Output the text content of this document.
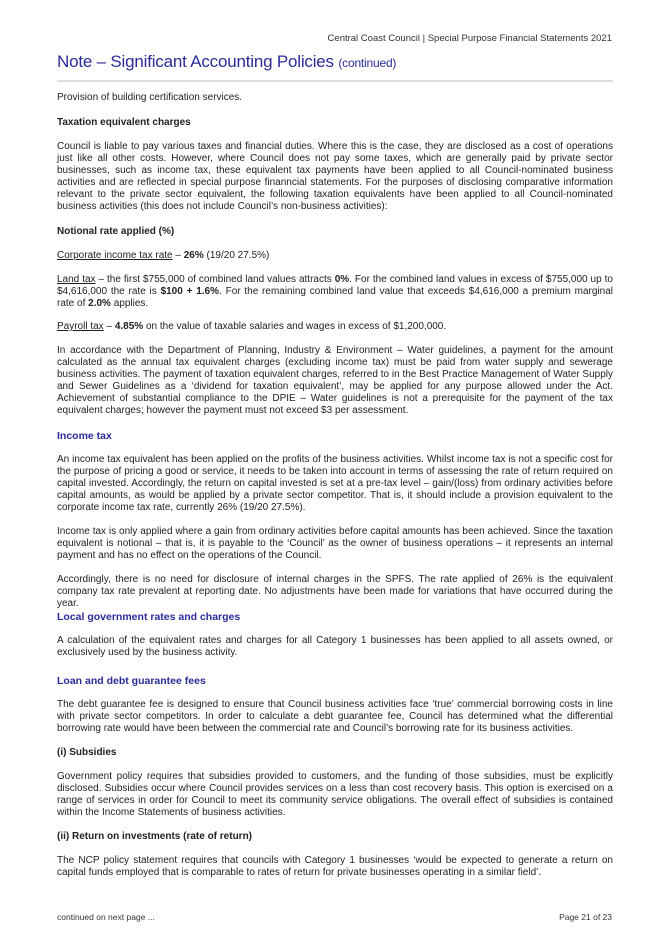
Central Coast Council | Special Purpose Financial Statements 2021
Note – Significant Accounting Policies (continued)
Provision of building certification services.
Taxation equivalent charges
Council is liable to pay various taxes and financial duties. Where this is the case, they are disclosed as a cost of operations just like all other costs. However, where Council does not pay some taxes, which are generally paid by private sector businesses, such as income tax, these equivalent tax payments have been applied to all Council-nominated business activities and are reflected in special purpose finanncial statements. For the purposes of disclosing comparative information relevant to the private sector equivalent, the following taxation equivalents have been applied to all Council-nominated business activities (this does not include Council’s non-business activities):
Notional rate applied (%)
Corporate income tax rate – 26% (19/20 27.5%)
Land tax – the first $755,000 of combined land values attracts 0%. For the combined land values in excess of $755,000 up to $4,616,000 the rate is $100 + 1.6%. For the remaining combined land value that exceeds $4,616,000 a premium marginal rate of 2.0% applies.
Payroll tax – 4.85% on the value of taxable salaries and wages in excess of $1,200,000.
In accordance with the Department of Planning, Industry & Environment – Water guidelines, a payment for the amount calculated as the annual tax equivalent charges (excluding income tax) must be paid from water supply and sewerage business activities. The payment of taxation equivalent charges, referred to in the Best Practice Management of Water Supply and Sewer Guidelines as a ‘dividend for taxation equivalent’, may be applied for any purpose allowed under the Act. Achievement of substantial compliance to the DPIE – Water guidelines is not a prerequisite for the payment of the tax equivalent charges; however the payment must not exceed $3 per assessment.
Income tax
An income tax equivalent has been applied on the profits of the business activities. Whilst income tax is not a specific cost for the purpose of pricing a good or service, it needs to be taken into account in terms of assessing the rate of return required on capital invested. Accordingly, the return on capital invested is set at a pre-tax level – gain/(loss) from ordinary activities before capital amounts, as would be applied by a private sector competitor. That is, it should include a provision equivalent to the corporate income tax rate, currently 26% (19/20 27.5%).
Income tax is only applied where a gain from ordinary activities before capital amounts has been achieved. Since the taxation equivalent is notional – that is, it is payable to the ‘Council’ as the owner of business operations – it represents an internal payment and has no effect on the operations of the Council.
Accordingly, there is no need for disclosure of internal charges in the SPFS. The rate applied of 26% is the equivalent company tax rate prevalent at reporting date. No adjustments have been made for variations that have occurred during the year.
Local government rates and charges
A calculation of the equivalent rates and charges for all Category 1 businesses has been applied to all assets owned, or exclusively used by the business activity.
Loan and debt guarantee fees
The debt guarantee fee is designed to ensure that Council business activities face ‘true’ commercial borrowing costs in line with private sector competitors. In order to calculate a debt guarantee fee, Council has determined what the differential borrowing rate would have been between the commercial rate and Council’s borrowing rate for its business activities.
(i) Subsidies
Government policy requires that subsidies provided to customers, and the funding of those subsidies, must be explicitly disclosed. Subsidies occur where Council provides services on a less than cost recovery basis. This option is exercised on a range of services in order for Council to meet its community service obligations. The overall effect of subsidies is contained within the Income Statements of business activities.
(ii) Return on investments (rate of return)
The NCP policy statement requires that councils with Category 1 businesses ‘would be expected to generate a return on capital funds employed that is comparable to rates of return for private businesses operating in a similar field’.
continued on next page ...	Page 21 of 23
